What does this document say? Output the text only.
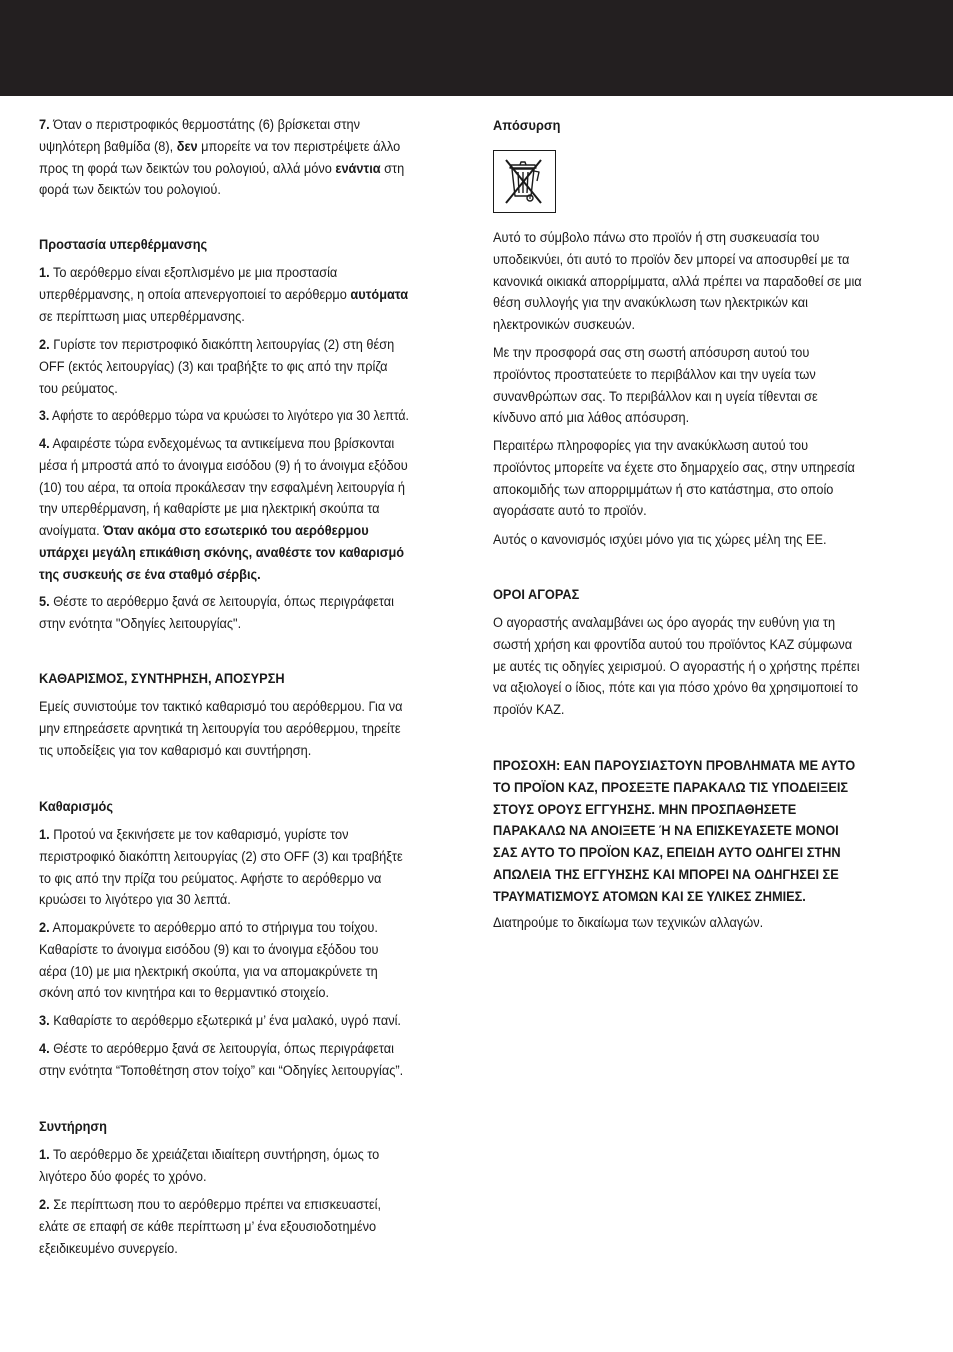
7. Όταν ο περιστροφικός θερμοστάτης (6) βρίσκεται στην
υψηλότερη βαθμίδα (8), δεν μπορείτε να τον περιστρέψετε άλλο
προς τη φορά των δεικτών του ρολογιού, αλλά μόνο ενάντια στη
φορά των δεικτών του ρολογιού.

Προστασία υπερθέρμανσης

1. Το αερόθερμο είναι εξοπλισμένο με μια προστασία
υπερθέρμανσης, η οποία απενεργοποιεί το αερόθερμο αυτόματα
σε περίπτωση μιας υπερθέρμανσης.

2. Γυρίστε τον περιστροφικό διακόπτη λειτουργίας (2) στη θέση
OFF (εκτός λειτουργίας) (3) και τραβήξτε το φις από την πρίζα
του ρεύματος.

3. Αφήστε το αερόθερμο τώρα να κρυώσει το λιγότερο για 30 λεπτά.

4. Αφαιρέστε τώρα ενδεχομένως τα αντικείμενα που βρίσκονται
μέσα ή μπροστά από το άνοιγμα εισόδου (9) ή το άνοιγμα εξόδου
(10) του αέρα, τα οποία προκάλεσαν την εσφαλμένη λειτουργία ή
την υπερθέρμανση, ή καθαρίστε με μια ηλεκτρική σκούπα τα
ανοίγματα. Όταν ακόμα στο εσωτερικό του αερόθερμου
υπάρχει μεγάλη επικάθιση σκόνης, αναθέστε τον καθαρισμό
της συσκευής σε ένα σταθμό σέρβις.

5. Θέστε το αερόθερμο ξανά σε λειτουργία, όπως περιγράφεται
στην ενότητα "Οδηγίες λειτουργίας".

ΚΑΘΑΡΙΣΜΟΣ, ΣΥΝΤΗΡΗΣΗ, ΑΠΟΣΥΡΣΗ

Εμείς συνιστούμε τον τακτικό καθαρισμό του αερόθερμου. Για να
μην επηρεάσετε αρνητικά τη λειτουργία του αερόθερμου, τηρείτε
τις υποδείξεις για τον καθαρισμό και συντήρηση.

Καθαρισμός

1. Προτού να ξεκινήσετε με τον καθαρισμό, γυρίστε τον
περιστροφικό διακόπτη λειτουργίας (2) στο OFF (3) και τραβήξτε
το φις από την πρίζα του ρεύματος. Αφήστε το αερόθερμο να
κρυώσει το λιγότερο για 30 λεπτά.

2. Απομακρύνετε το αερόθερμο από το στήριγμα του τοίχου.
Καθαρίστε το άνοιγμα εισόδου (9) και το άνοιγμα εξόδου του
αέρα (10) με μια ηλεκτρική σκούπα, για να απομακρύνετε τη
σκόνη από τον κινητήρα και το θερμαντικό στοιχείο.

3. Καθαρίστε το αερόθερμο εξωτερικά μ’ ένα μαλακό, υγρό πανί.

4. Θέστε το αερόθερμο ξανά σε λειτουργία, όπως περιγράφεται
στην ενότητα “Τοποθέτηση στον τοίχο” και “Οδηγίες λειτουργίας”.

Συντήρηση

1. Το αερόθερμο δε χρειάζεται ιδιαίτερη συντήρηση, όμως το
λιγότερο δύο φορές το χρόνο.

2. Σε περίπτωση που το αερόθερμο πρέπει να επισκευαστεί,
ελάτε σε επαφή σε κάθε περίπτωση μ’ ένα εξουσιοδοτημένο
εξειδικευμένο συνεργείο.

Απόσυρση

Αυτό το σύμβολο πάνω στο προϊόν ή στη συσκευασία του
υποδεικνύει, ότι αυτό το προϊόν δεν μπορεί να αποσυρθεί με τα
κανονικά οικιακά απορρίμματα, αλλά πρέπει να παραδοθεί σε μια
θέση συλλογής για την ανακύκλωση των ηλεκτρικών και
ηλεκτρονικών συσκευών.

Με την προσφορά σας στη σωστή απόσυρση αυτού του
προϊόντος προστατεύετε το περιβάλλον και την υγεία των
συνανθρώπων σας. Το περιβάλλον και η υγεία τίθενται σε
κίνδυνο από μια λάθος απόσυρση.

Περαιτέρω πληροφορίες για την ανακύκλωση αυτού του
προϊόντος μπορείτε να έχετε στο δημαρχείο σας, στην υπηρεσία
αποκομιδής των απορριμμάτων ή στο κατάστημα, στο οποίο
αγοράσατε αυτό το προϊόν.

Αυτός ο κανονισμός ισχύει μόνο για τις χώρες μέλη της ΕΕ.

ΟΡΟΙ ΑΓΟΡΑΣ

Ο αγοραστής αναλαμβάνει ως όρο αγοράς την ευθύνη για τη
σωστή χρήση και φροντίδα αυτού του προϊόντος KAZ σύμφωνα
με αυτές τις οδηγίες χειρισμού. Ο αγοραστής ή ο χρήστης πρέπει
να αξιολογεί ο ίδιος, πότε και για πόσο χρόνο θα χρησιμοποιεί το
προϊόν KAZ.

ΠΡΟΣΟΧΗ: ΕΑΝ ΠΑΡΟΥΣΙΑΣΤΟΥΝ ΠΡΟΒΛΗΜΑΤΑ ΜΕ ΑΥΤΟ
ΤΟ ΠΡΟΪΟΝ KAZ, ΠΡΟΣΕΞΤΕ ΠΑΡΑΚΑΛΩ ΤΙΣ ΥΠΟΔΕΙΞΕΙΣ
ΣΤΟΥΣ ΟΡΟΥΣ ΕΓΓΥΗΣΗΣ. ΜΗΝ ΠΡΟΣΠΑΘΗΣΕΤΕ
ΠΑΡΑΚΑΛΩ ΝΑ ΑΝΟΙΞΕΤΕ Ή ΝΑ ΕΠΙΣΚΕΥΑΣΕΤΕ ΜΟΝΟΙ
ΣΑΣ ΑΥΤΟ ΤΟ ΠΡΟΪΟΝ KAZ, ΕΠΕΙΔΗ ΑΥΤΟ ΟΔΗΓΕΙ ΣΤΗΝ
ΑΠΩΛΕΙΑ ΤΗΣ ΕΓΓΥΗΣΗΣ ΚΑΙ ΜΠΟΡΕΙ ΝΑ ΟΔΗΓΗΣΕΙ ΣΕ
ΤΡΑΥΜΑΤΙΣΜΟΥΣ ΑΤΟΜΩΝ ΚΑΙ ΣΕ ΥΛΙΚΕΣ ΖΗΜΙΕΣ.

Διατηρούμε το δικαίωμα των τεχνικών αλλαγών.
